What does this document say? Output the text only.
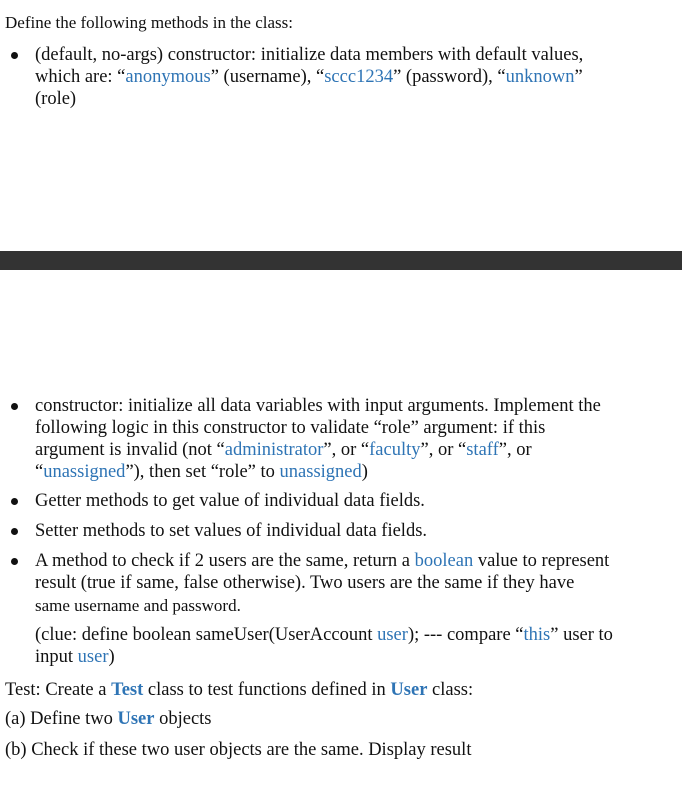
Define the following methods in the class:
(default, no-args) constructor: initialize data members with default values,
which are: “anonymous” (username), “sccc1234” (password), “unknown”
(role)
constructor: initialize all data variables with input arguments. Implement the
following logic in this constructor to validate “role” argument: if this
argument is invalid (not “administrator”, or “faculty”, or “staff”, or
“unassigned”), then set “role” to unassigned)
Getter methods to get value of individual data fields.
Setter methods to set values of individual data fields.
A method to check if 2 users are the same, return a boolean value to represent
result (true if same, false otherwise). Two users are the same if they have
same username and password.
(clue: define boolean sameUser(UserAccount user); --- compare “this” user to
input user)
Test: Create a Test class to test functions defined in User class:
(a) Define two User objects
(b) Check if these two user objects are the same. Display result
